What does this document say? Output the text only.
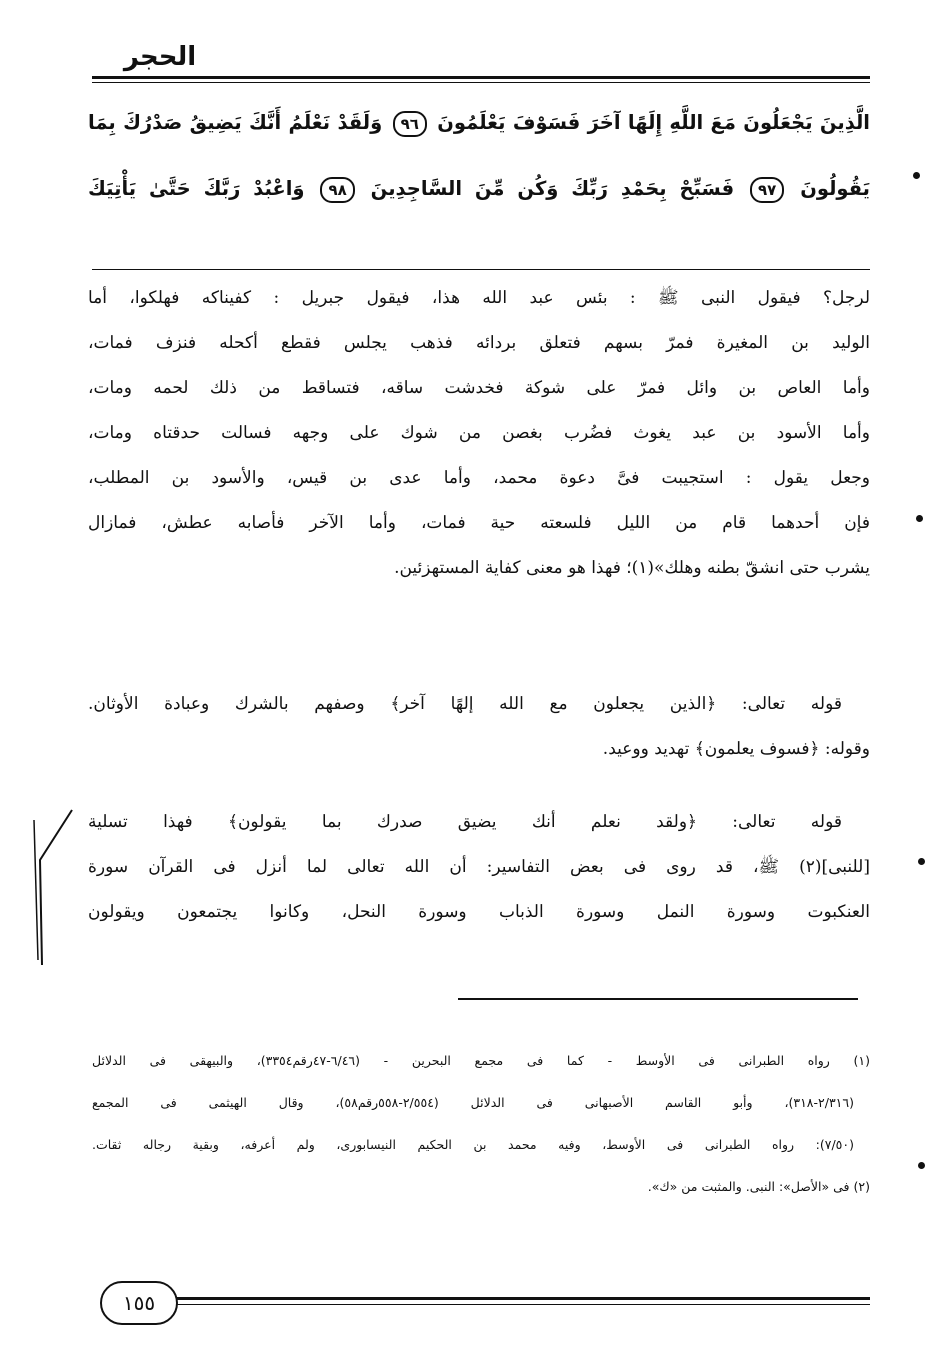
الحجر
الَّذِينَ يَجْعَلُونَ مَعَ اللَّهِ إِلَهًا آخَرَ فَسَوْفَ يَعْلَمُونَ ٩٦ وَلَقَدْ نَعْلَمُ أَنَّكَ يَضِيقُ صَدْرُكَ بِمَا
يَقُولُونَ ٩٧ فَسَبِّحْ بِحَمْدِ رَبِّكَ وَكُن مِّنَ السَّاجِدِينَ ٩٨ وَاعْبُدْ رَبَّكَ حَتَّىٰ يَأْتِيَكَ
لرجل؟ فيقول النبى ﷺ : بئس عبد الله هذا، فيقول جبريل : كفيناكه فهلكوا، أما
الوليد بن المغيرة فمرّ بسهم فتعلق بردائه فذهب يجلس فقطع أكحله فنزف فمات،
وأما العاص بن وائل فمرّ على شوكة فخدشت ساقه، فتساقط من ذلك لحمه ومات،
وأما الأسود بن عبد يغوث فضُرب بغصن من شوك على وجهه فسالت حدقتاه ومات،
وجعل يقول : استجيبت فىَّ دعوة محمد، وأما عدى بن قيس، والأسود بن المطلب،
فإن أحدهما قام من الليل فلسعته حية فمات، وأما الآخر فأصابه عطش، فمازال
يشرب حتى انشقّ بطنه وهلك»(١)؛ فهذا هو معنى كفاية المستهزئين.
قوله تعالى: ﴿الذين يجعلون مع الله إلهًا آخر﴾ وصفهم بالشرك وعبادة الأوثان.
وقوله: ﴿فسوف يعلمون﴾ تهديد ووعيد.
قوله تعالى: ﴿ولقد نعلم أنك يضيق صدرك بما يقولون﴾ فهذا تسلية
[للنبى](٢) ﷺ، قد روى فى بعض التفاسير: أن الله تعالى لما أنزل فى القرآن سورة
العنكبوت وسورة النمل وسورة الذباب وسورة النحل، وكانوا يجتمعون ويقولون
(١) رواه الطبرانى فى الأوسط - كما فى مجمع البحرين - (٦/٤٦-٤٧رقم٣٣٥٤)، والبيهقى فى الدلائل
(٢/٣١٦-٣١٨)، وأبو القاسم الأصبهانى فى الدلائل (٢/٥٥٤-٥٥٨رقم٥٨)، وقال الهيثمى فى المجمع
(٧/٥٠): رواه الطبرانى فى الأوسط، وفيه محمد بن الحكيم النيسابورى، ولم أعرفه، وبقية رجاله ثقات.
(٢) فى «الأصل»: النبى. والمثبت من «ك».
١٥٥
